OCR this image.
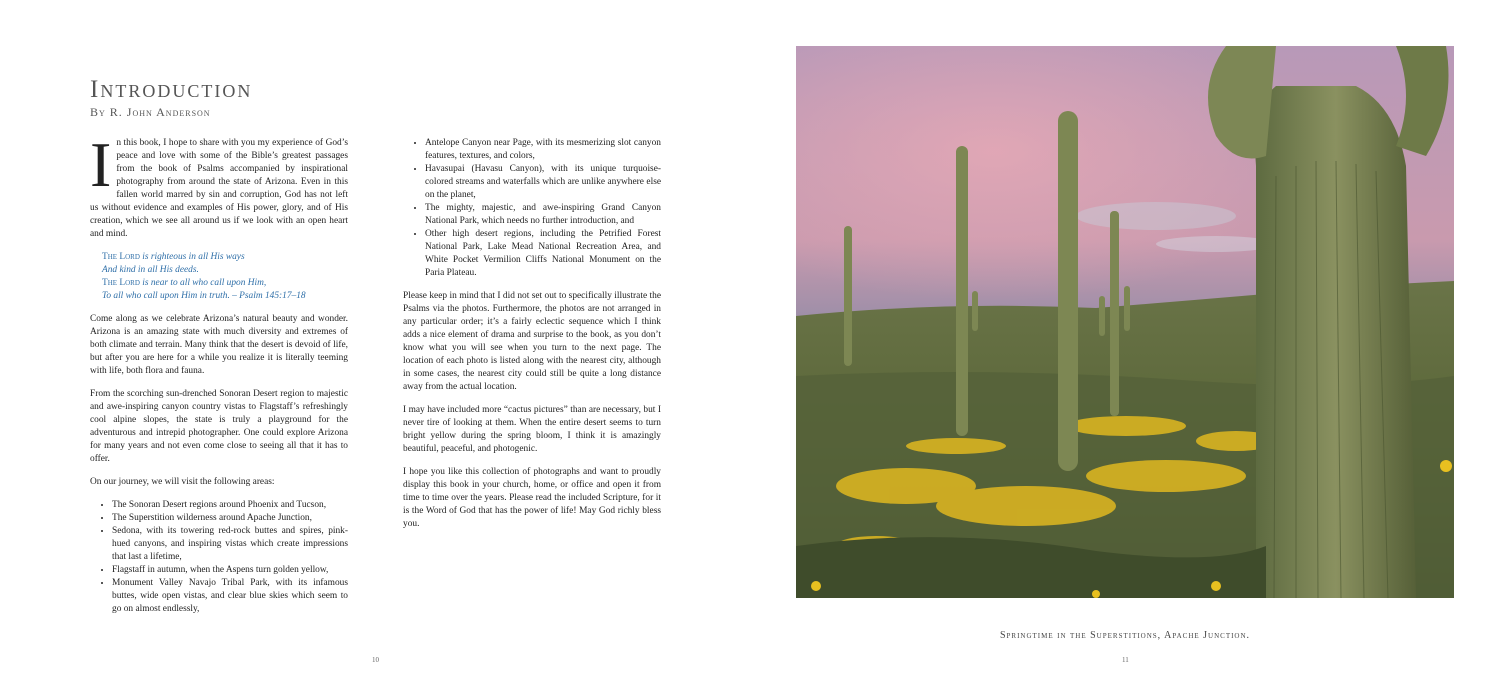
Introduction
By R. John Anderson

In this book, I hope to share with you my experience of God’s peace and love with some of the Bible’s greatest passages from the book of Psalms accompanied by inspirational photography from around the state of Arizona. Even in this fallen world marred by sin and corruption, God has not left us without evidence and examples of His power, glory, and of His creation, which we see all around us if we look with an open heart and mind.

The Lord is righteous in all His ways
And kind in all His deeds.
The Lord is near to all who call upon Him,
To all who call upon Him in truth. – Psalm 145:17–18

Come along as we celebrate Arizona’s natural beauty and wonder. Arizona is an amazing state with much diversity and extremes of both climate and terrain. Many think that the desert is devoid of life, but after you are here for a while you realize it is literally teeming with life, both flora and fauna.

From the scorching sun-drenched Sonoran Desert region to majestic and awe-inspiring canyon country vistas to Flagstaff’s refreshingly cool alpine slopes, the state is truly a playground for the adventurous and intrepid photographer. One could explore Arizona for many years and not even come close to seeing all that it has to offer.

On our journey, we will visit the following areas:

• The Sonoran Desert regions around Phoenix and Tucson,
• The Superstition wilderness around Apache Junction,
• Sedona, with its towering red-rock buttes and spires, pink-hued canyons, and inspiring vistas which create impressions that last a lifetime,
• Flagstaff in autumn, when the Aspens turn golden yellow,
• Monument Valley Navajo Tribal Park, with its infamous buttes, wide open vistas, and clear blue skies which seem to go on almost endlessly,
• Antelope Canyon near Page, with its mesmerizing slot canyon features, textures, and colors,
• Havasupai (Havasu Canyon), with its unique turquoise-colored streams and waterfalls which are unlike anywhere else on the planet,
• The mighty, majestic, and awe-inspiring Grand Canyon National Park, which needs no further introduction, and
• Other high desert regions, including the Petrified Forest National Park, Lake Mead National Recreation Area, and White Pocket Vermilion Cliffs National Monument on the Paria Plateau.

Please keep in mind that I did not set out to specifically illustrate the Psalms via the photos. Furthermore, the photos are not arranged in any particular order; it’s a fairly eclectic sequence which I think adds a nice element of drama and surprise to the book, as you don’t know what you will see when you turn to the next page. The location of each photo is listed along with the nearest city, although in some cases, the nearest city could still be quite a long distance away from the actual location.

I may have included more “cactus pictures” than are necessary, but I never tire of looking at them. When the entire desert seems to turn bright yellow during the spring bloom, I think it is amazingly beautiful, peaceful, and photogenic.

I hope you like this collection of photographs and want to proudly display this book in your church, home, or office and open it from time to time over the years. Please read the included Scripture, for it is the Word of God that has the power of life! May God richly bless you.

10
Springtime in the Superstitions, Apache Junction.
11
